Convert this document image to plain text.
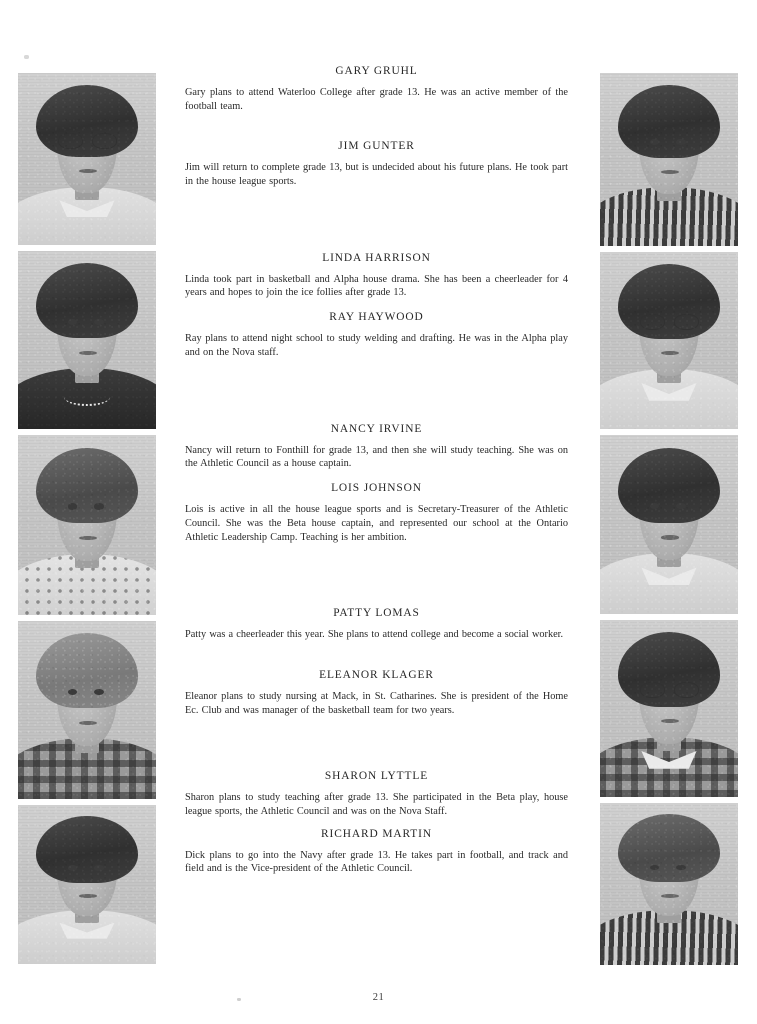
GARY GRUHL

Gary plans to attend Waterloo College after grade 13. He was an active member of the football team.

JIM GUNTER

Jim will return to complete grade 13, but is undecided about his future plans. He took part in the house league sports.

LINDA HARRISON

Linda took part in basketball and Alpha house drama. She has been a cheerleader for 4 years and hopes to join the ice follies after grade 13.

RAY HAYWOOD

Ray plans to attend night school to study welding and drafting. He was in the Alpha play and on the Nova staff.

NANCY IRVINE

Nancy will return to Fonthill for grade 13, and then she will study teaching. She was on the Athletic Council as a house captain.

LOIS JOHNSON

Lois is active in all the house league sports and is Secretary-Treasurer of the Athletic Council. She was the Beta house captain, and represented our school at the Ontario Athletic Leadership Camp. Teaching is her ambition.

PATTY LOMAS

Patty was a cheerleader this year. She plans to attend college and become a social worker.

ELEANOR KLAGER

Eleanor plans to study nursing at Mack, in St. Catharines. She is president of the Home Ec. Club and was manager of the basketball team for two years.

SHARON LYTTLE

Sharon plans to study teaching after grade 13. She participated in the Beta play, house league sports, the Athletic Council and was on the Nova Staff.

RICHARD MARTIN

Dick plans to go into the Navy after grade 13. He takes part in football, and track and field and is the Vice-president of the Athletic Council.

21
